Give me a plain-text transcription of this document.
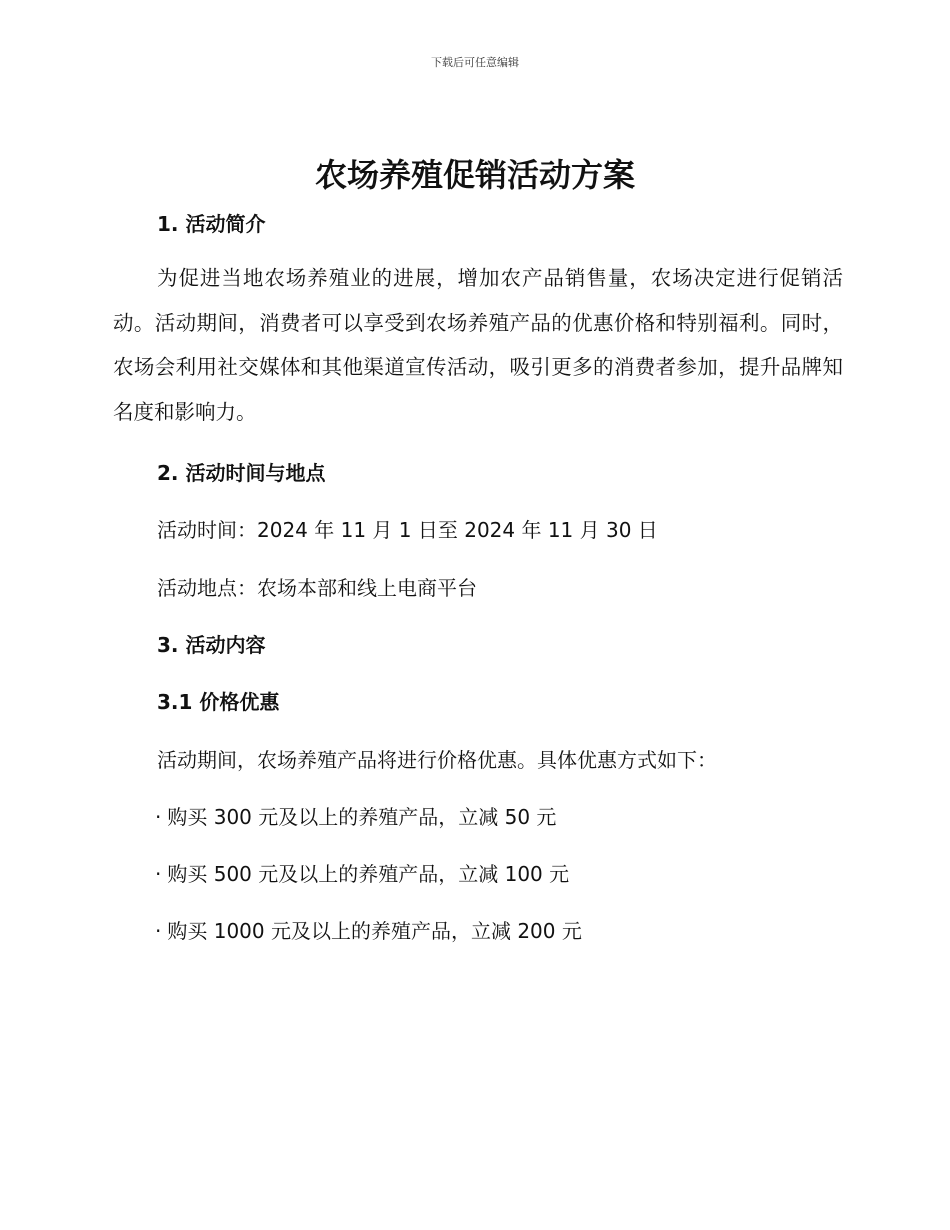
下载后可任意编辑
农场养殖促销活动方案
1. 活动简介

为促进当地农场养殖业的进展，增加农产品销售量，农场决定进行促销活动。活动期间，消费者可以享受到农场养殖产品的优惠价格和特别福利。同时，农场会利用社交媒体和其他渠道宣传活动，吸引更多的消费者参加，提升品牌知名度和影响力。

2. 活动时间与地点

活动时间：2024 年 11 月 1 日至 2024 年 11 月 30 日

活动地点：农场本部和线上电商平台

3. 活动内容
3.1 价格优惠

活动期间，农场养殖产品将进行价格优惠。具体优惠方式如下：

· 购买 300 元及以上的养殖产品，立减 50 元

· 购买 500 元及以上的养殖产品，立减 100 元

· 购买 1000 元及以上的养殖产品，立减 200 元
